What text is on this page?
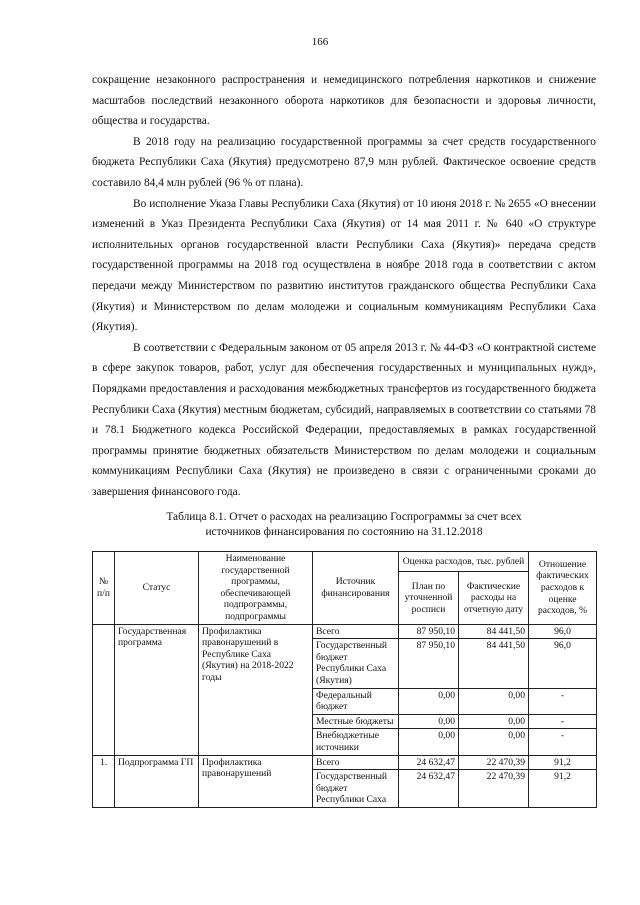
166

сокращение незаконного распространения и немедицинского потребления наркотиков и снижение масштабов последствий незаконного оборота наркотиков для безопасности и здоровья личности, общества и государства.

В 2018 году на реализацию государственной программы за счет средств государственного бюджета Республики Саха (Якутия) предусмотрено 87,9 млн рублей. Фактическое освоение средств составило 84,4 млн рублей (96 % от плана).

Во исполнение Указа Главы Республики Саха (Якутия) от 10 июня 2018 г. № 2655 «О внесении изменений в Указ Президента Республики Саха (Якутия) от 14 мая 2011 г. № 640 «О структуре исполнительных органов государственной власти Республики Саха (Якутия)» передача средств государственной программы на 2018 год осуществлена в ноябре 2018 года в соответствии с актом передачи между Министерством по развитию институтов гражданского общества Республики Саха (Якутия) и Министерством по делам молодежи и социальным коммуникациям Республики Саха (Якутия).

В соответствии с Федеральным законом от 05 апреля 2013 г. № 44-ФЗ «О контрактной системе в сфере закупок товаров, работ, услуг для обеспечения государственных и муниципальных нужд», Порядками предоставления и расходования межбюджетных трансфертов из государственного бюджета Республики Саха (Якутия) местным бюджетам, субсидий, направляемых в соответствии со статьями 78 и 78.1 Бюджетного кодекса Российской Федерации, предоставляемых в рамках государственной программы принятие бюджетных обязательств Министерством по делам молодежи и социальным коммуникациям Республики Саха (Якутия) не произведено в связи с ограниченными сроками до завершения финансового года.

Таблица 8.1. Отчет о расходах на реализацию Госпрограммы за счет всех
источников финансирования по состоянию на 31.12.2018
№ п/п	Статус	Наименование государственной программы, обеспечивающей подпрограммы, подпрограммы	Источник финансирования	Оценка расходов, тыс. рублей		Отношение фактических расходов к оценке расходов, %
				План по уточненной росписи	Фактические расходы на отчетную дату	
	Государственная программа	Профилактика правонарушений в Республике Саха (Якутия) на 2018-2022 годы	Всего	87 950,10	84 441,50	96,0
			Государственный бюджет Республики Саха (Якутия)	87 950,10	84 441,50	96,0
			Федеральный бюджет	0,00	0,00	-
			Местные бюджеты	0,00	0,00	-
			Внебюджетные источники	0,00	0,00	-
1.	Подпрограмма ГП	Профилактика правонарушений	Всего	24 632,47	22 470,39	91,2
			Государственный бюджет Республики Саха	24 632,47	22 470,39	91,2
